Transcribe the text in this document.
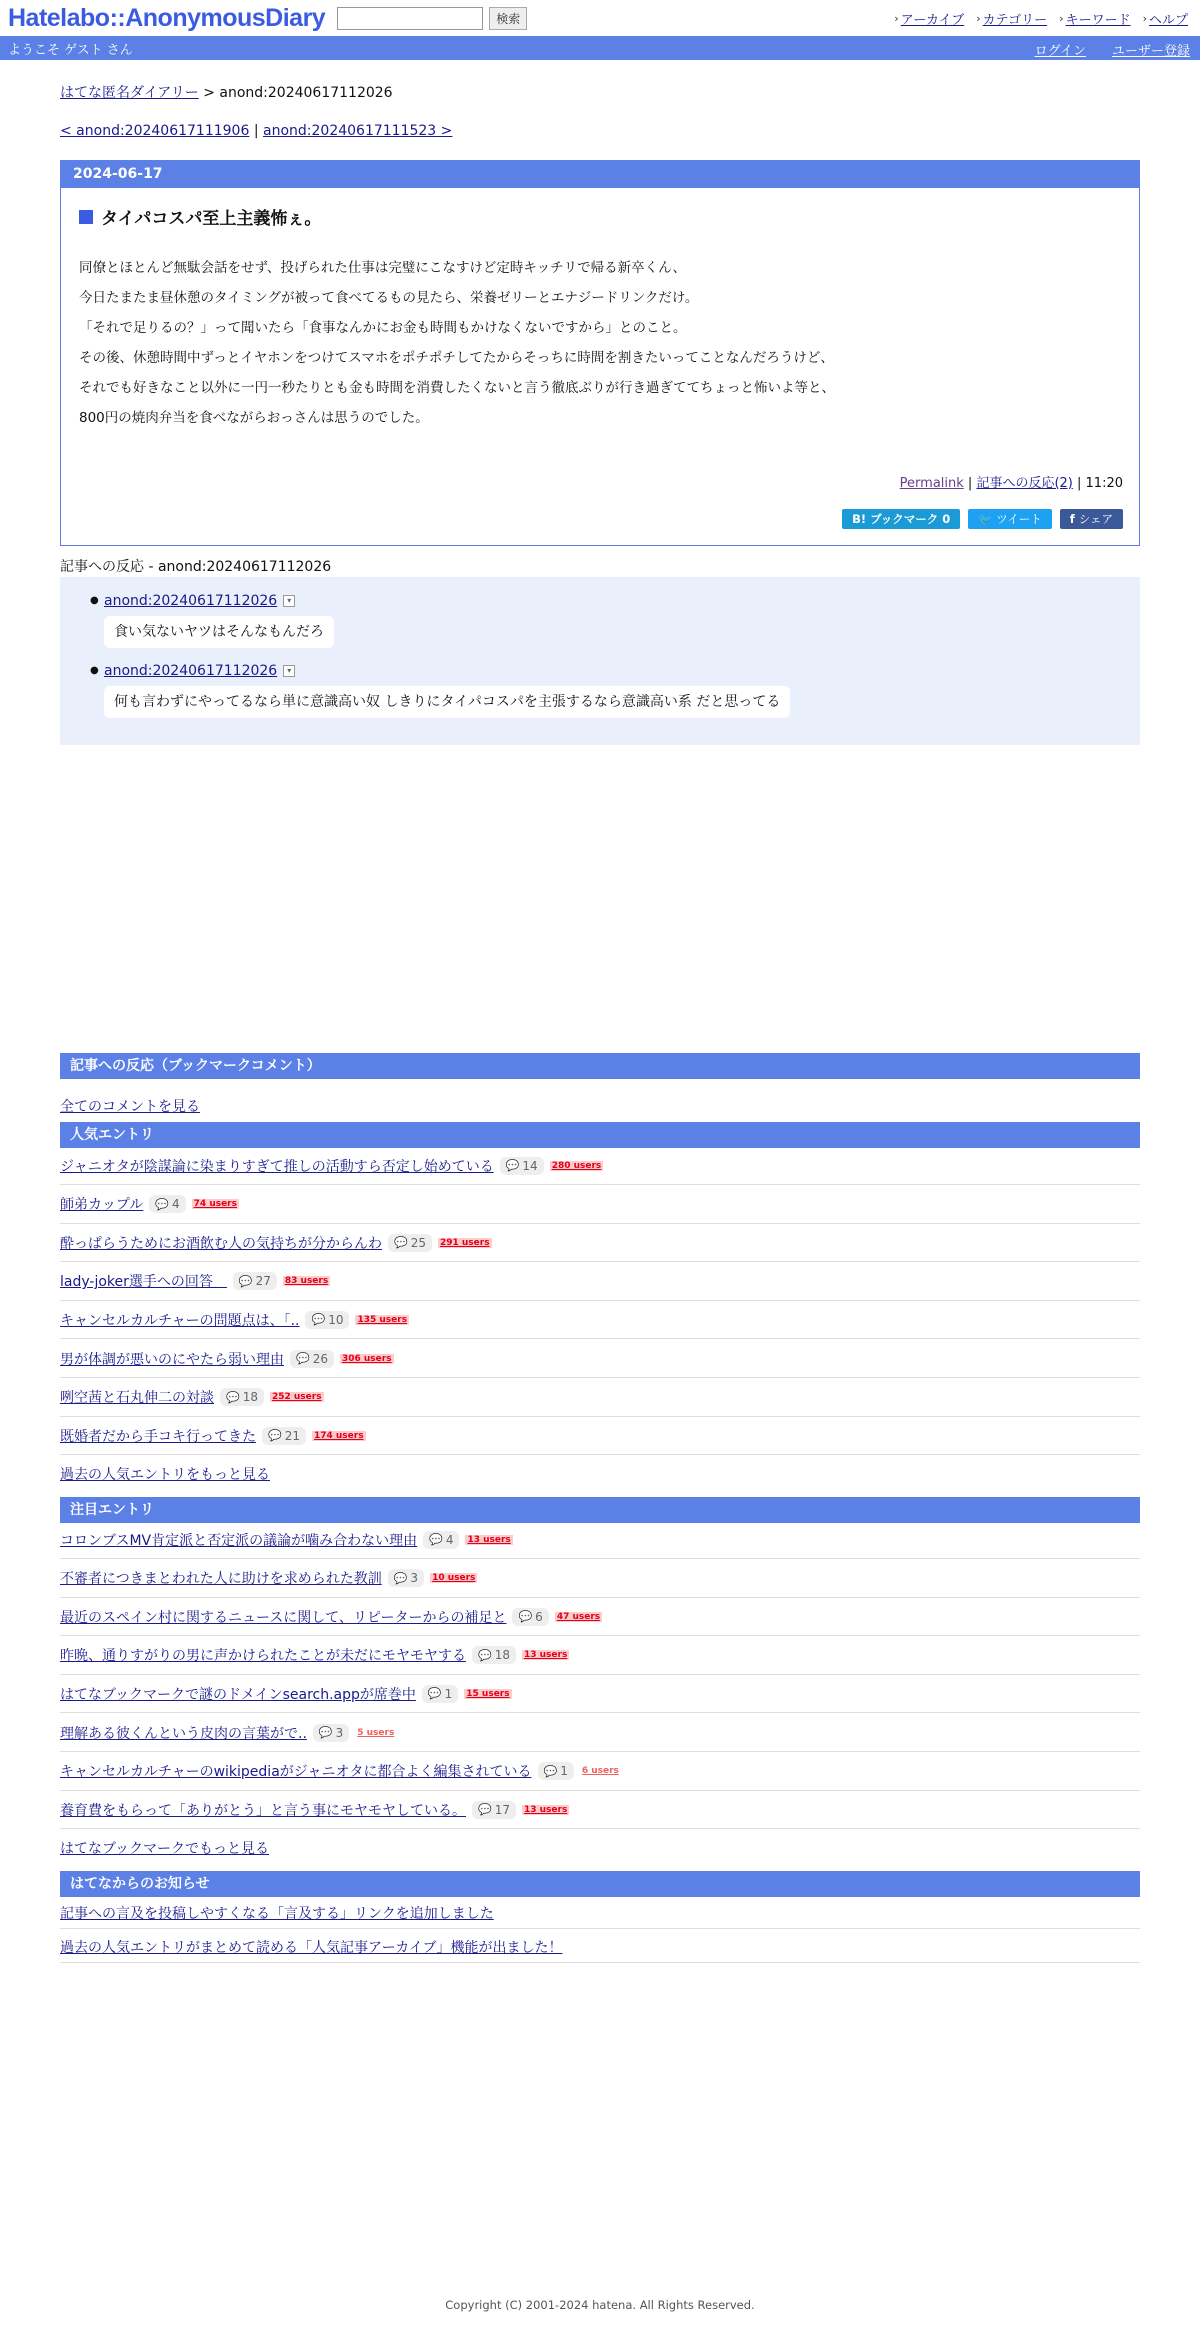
Hatelabo::AnonymousDiary	検索	› アーカイブ › カテゴリー › キーワード › ヘルプ
ようこそ ゲスト さん	ログイン ユーザー登録
はてな匿名ダイアリー > anond:20240617112026
< anond:20240617111906 | anond:20240617111523 >
2024-06-17
タイパコスパ至上主義怖ぇ。

同僚とほとんど無駄会話をせず、投げられた仕事は完璧にこなすけど定時キッチリで帰る新卒くん、

今日たまたま昼休憩のタイミングが被って食べてるもの見たら、栄養ゼリーとエナジードリンクだけ。

「それで足りるの？」って聞いたら「食事なんかにお金も時間もかけなくないですから」とのこと。

その後、休憩時間中ずっとイヤホンをつけてスマホをポチポチしてたからそっちに時間を割きたいってことなんだろうけど、

それでも好きなこと以外に一円一秒たりとも金も時間を消費したくないと言う徹底ぶりが行き過ぎててちょっと怖いよ等と、

800円の焼肉弁当を食べながらおっさんは思うのでした。

Permalink | 記事への反応(2) | 11:20
B! ブックマーク 0	🐦 ツイート	f シェア
記事への反応 - anond:20240617112026
● anond:20240617112026 ▾
食い気ないヤツはそんなもんだろ
● anond:20240617112026 ▾
何も言わずにやってるなら単に意識高い奴 しきりにタイパコスパを主張するなら意識高い系 だと思ってる
記事への反応（ブックマークコメント）
全てのコメントを見る
人気エントリ
ジャニオタが陰謀論に染まりすぎて推しの活動すら否定し始めている 💬 14 280 users
師弟カップル 💬 4 74 users
酔っぱらうためにお酒飲む人の気持ちが分からんわ 💬 25 291 users
lady-joker選手への回答　 💬 27 83 users
キャンセルカルチャーの問題点は、「.. 💬 10 135 users
男が体調が悪いのにやたら弱い理由 💬 26 306 users
咧空茜と石丸伸二の対談 💬 18 252 users
既婚者だから手コキ行ってきた 💬 21 174 users
過去の人気エントリをもっと見る
注目エントリ
コロンブスMV肯定派と否定派の議論が噛み合わない理由 💬 4 13 users
不審者につきまとわれた人に助けを求められた教訓 💬 3 10 users
最近のスペイン村に関するニュースに関して、リピーターからの補足と 💬 6 47 users
昨晩、通りすがりの男に声かけられたことが未だにモヤモヤする 💬 18 13 users
はてなブックマークで謎のドメインsearch.appが席巻中 💬 1 15 users
理解ある彼くんという皮肉の言葉がで.. 💬 3 5 users
キャンセルカルチャーのwikipediaがジャニオタに都合よく編集されている 💬 1 6 users
養育費をもらって「ありがとう」と言う事にモヤモヤしている。 💬 17 13 users
はてなブックマークでもっと見る
はてなからのお知らせ
記事への言及を投稿しやすくなる「言及する」リンクを追加しました
過去の人気エントリがまとめて読める「人気記事アーカイブ」機能が出ました！
Copyright (C) 2001-2024 hatena. All Rights Reserved.
